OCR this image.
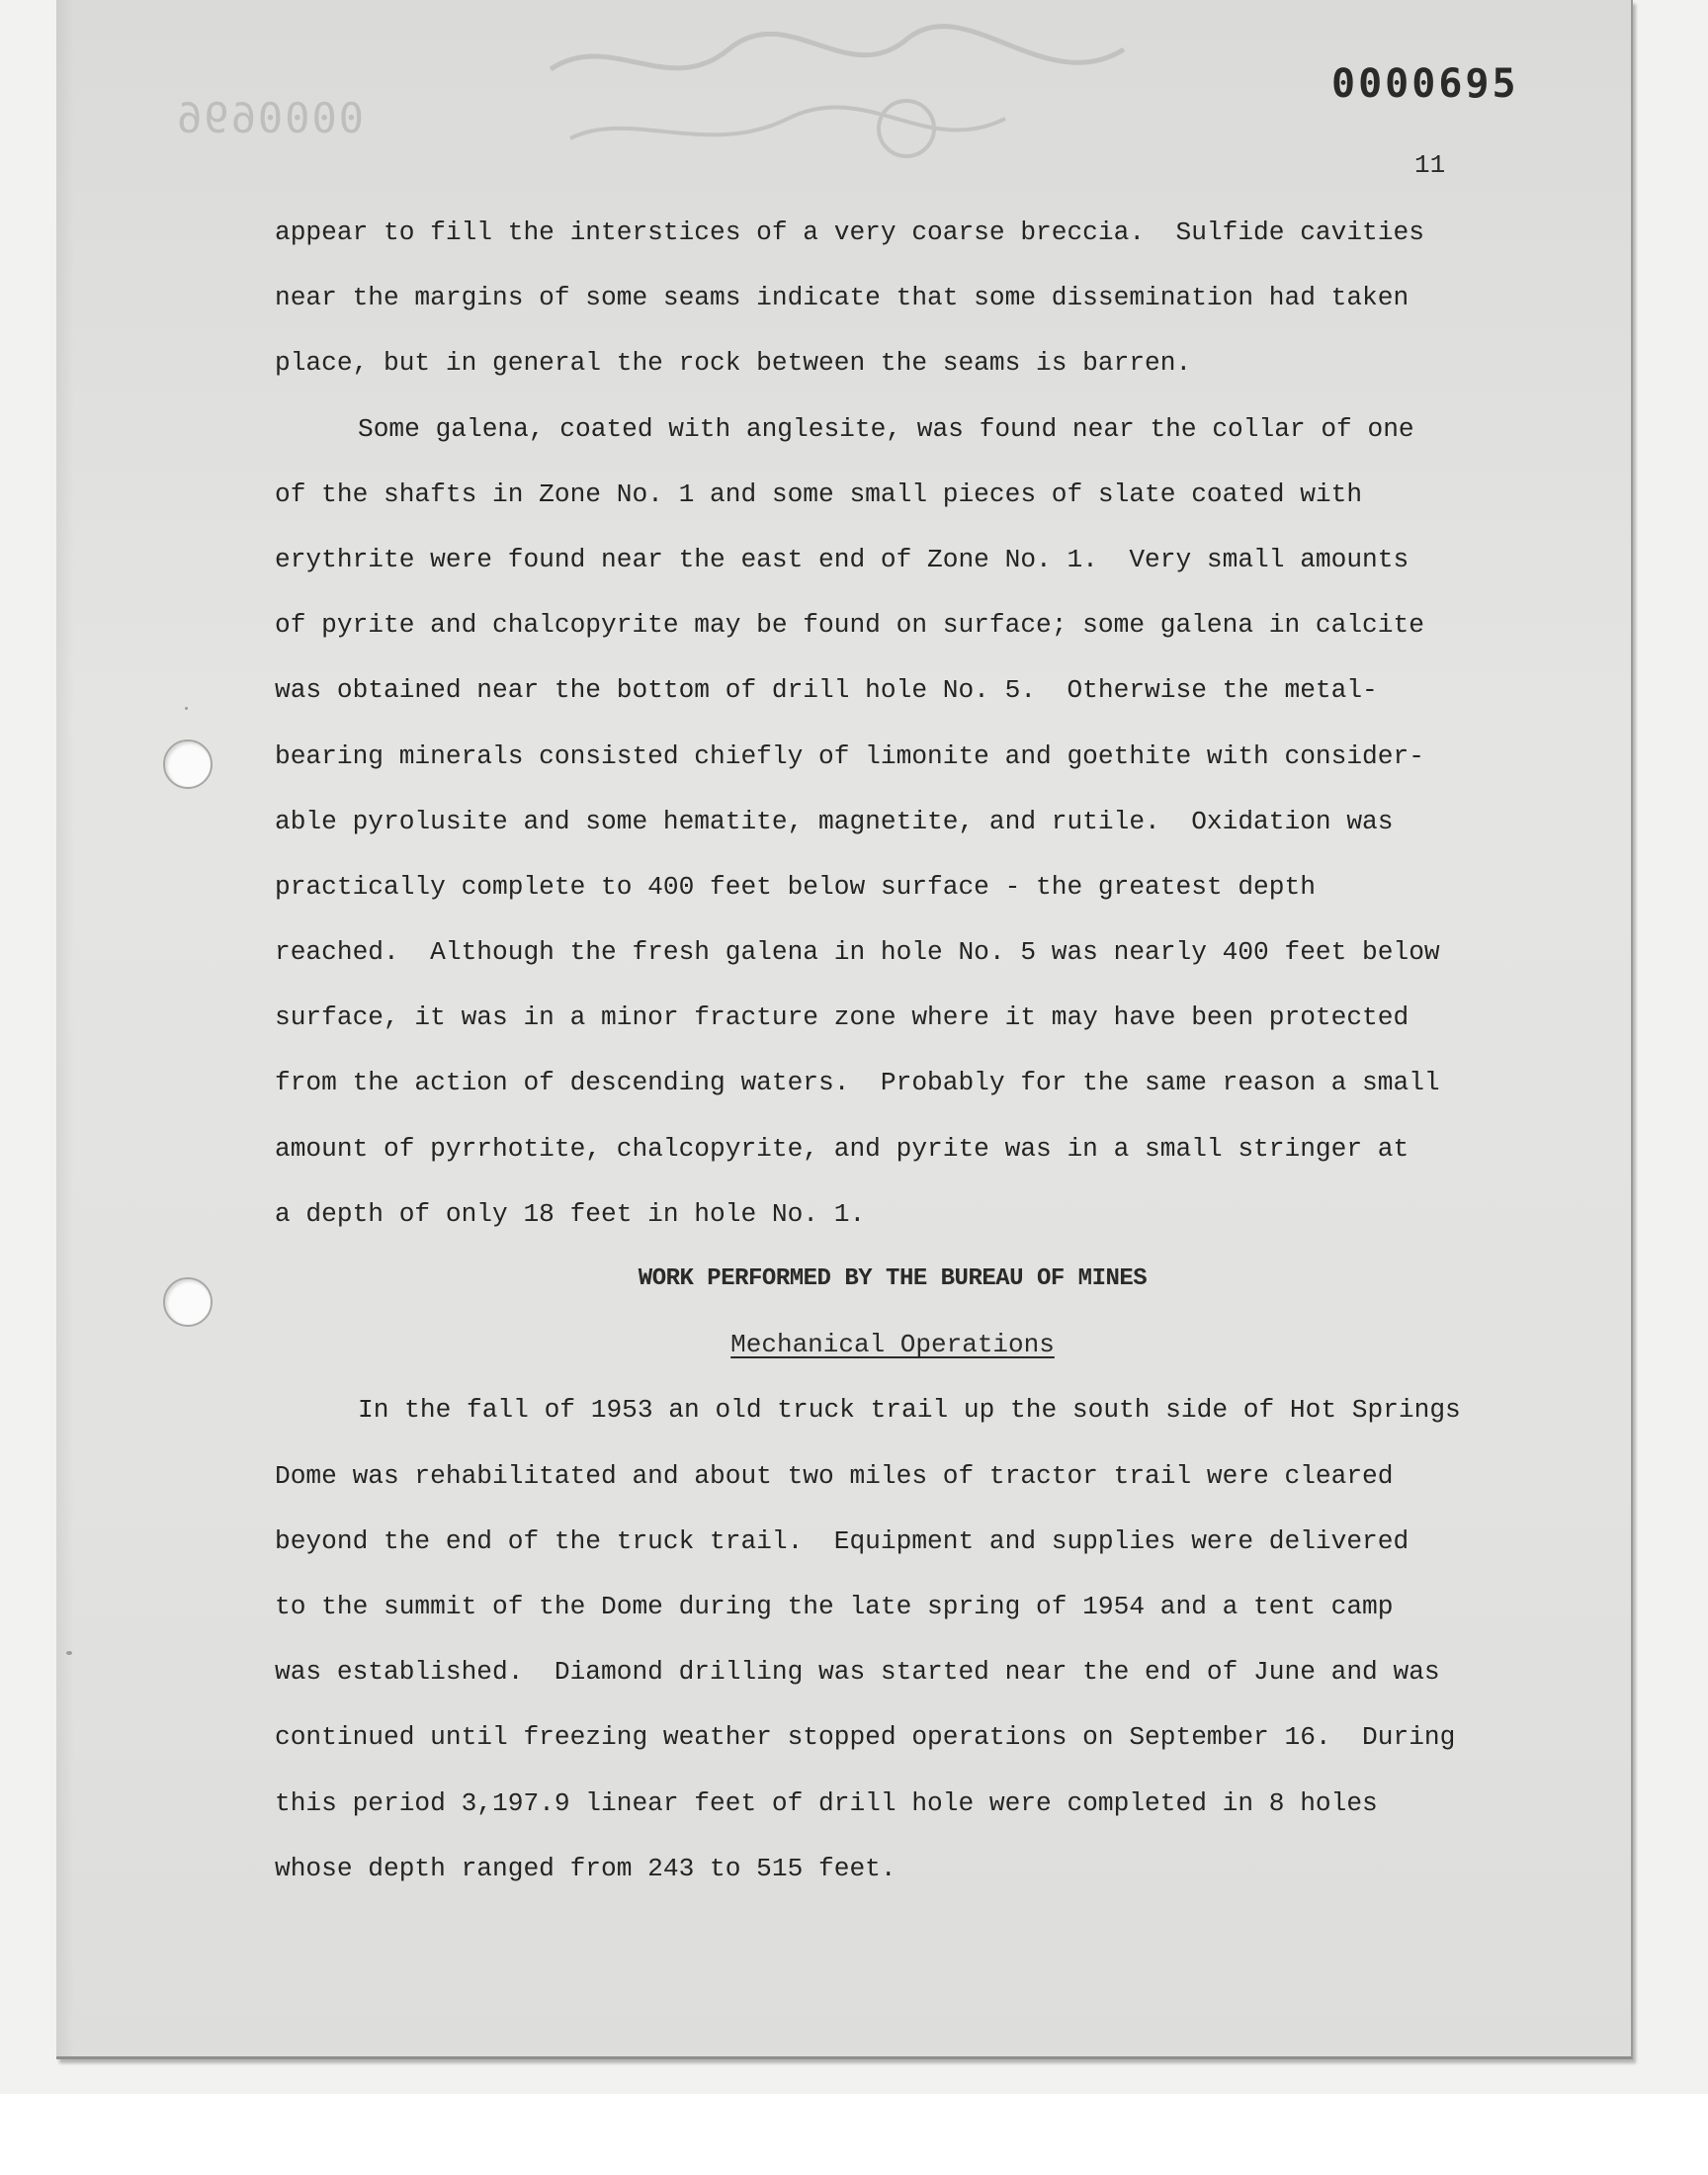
0000696
0000695
11
appear to fill the interstices of a very coarse breccia.  Sulfide cavities
near the margins of some seams indicate that some dissemination had taken
place, but in general the rock between the seams is barren.
Some galena, coated with anglesite, was found near the collar of one
of the shafts in Zone No. 1 and some small pieces of slate coated with
erythrite were found near the east end of Zone No. 1.  Very small amounts
of pyrite and chalcopyrite may be found on surface; some galena in calcite
was obtained near the bottom of drill hole No. 5.  Otherwise the metal-
bearing minerals consisted chiefly of limonite and goethite with consider-
able pyrolusite and some hematite, magnetite, and rutile.  Oxidation was
practically complete to 400 feet below surface - the greatest depth
reached.  Although the fresh galena in hole No. 5 was nearly 400 feet below
surface, it was in a minor fracture zone where it may have been protected
from the action of descending waters.  Probably for the same reason a small
amount of pyrrhotite, chalcopyrite, and pyrite was in a small stringer at
a depth of only 18 feet in hole No. 1.
WORK PERFORMED BY THE BUREAU OF MINES
Mechanical Operations
In the fall of 1953 an old truck trail up the south side of Hot Springs
Dome was rehabilitated and about two miles of tractor trail were cleared
beyond the end of the truck trail.  Equipment and supplies were delivered
to the summit of the Dome during the late spring of 1954 and a tent camp
was established.  Diamond drilling was started near the end of June and was
continued until freezing weather stopped operations on September 16.  During
this period 3,197.9 linear feet of drill hole were completed in 8 holes
whose depth ranged from 243 to 515 feet.
